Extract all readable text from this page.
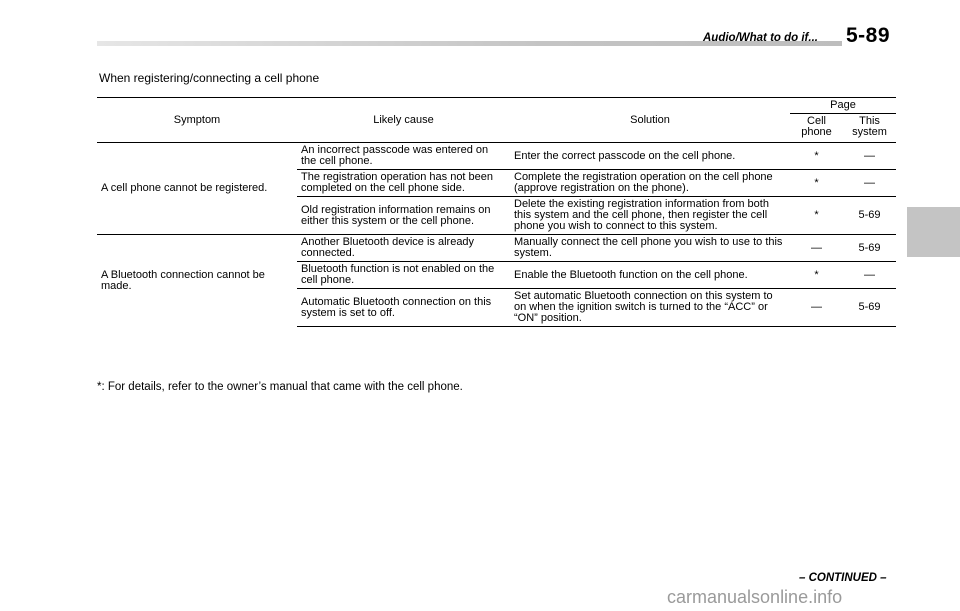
Audio/What to do if... 5-89
When registering/connecting a cell phone
Symptom	Likely cause	Solution	Page	
			Cell phone	This system
A cell phone cannot be registered.	An incorrect passcode was entered on the cell phone.	Enter the correct passcode on the cell phone.	*	—
	The registration operation has not been completed on the cell phone side.	Complete the registration operation on the cell phone (approve registration on the phone).	*	—
	Old registration information remains on either this system or the cell phone.	Delete the existing registration information from both this system and the cell phone, then register the cell phone you wish to connect to this system.	*	5-69
A Bluetooth connection cannot be made.	Another Bluetooth device is already connected.	Manually connect the cell phone you wish to use to this system.	—	5-69
	Bluetooth function is not enabled on the cell phone.	Enable the Bluetooth function on the cell phone.	*	—
	Automatic Bluetooth connection on this system is set to off.	Set automatic Bluetooth connection on this system to on when the ignition switch is turned to the “ACC” or “ON” position.	—	5-69
*: For details, refer to the owner’s manual that came with the cell phone.
– CONTINUED –
carmanualsonline.info
